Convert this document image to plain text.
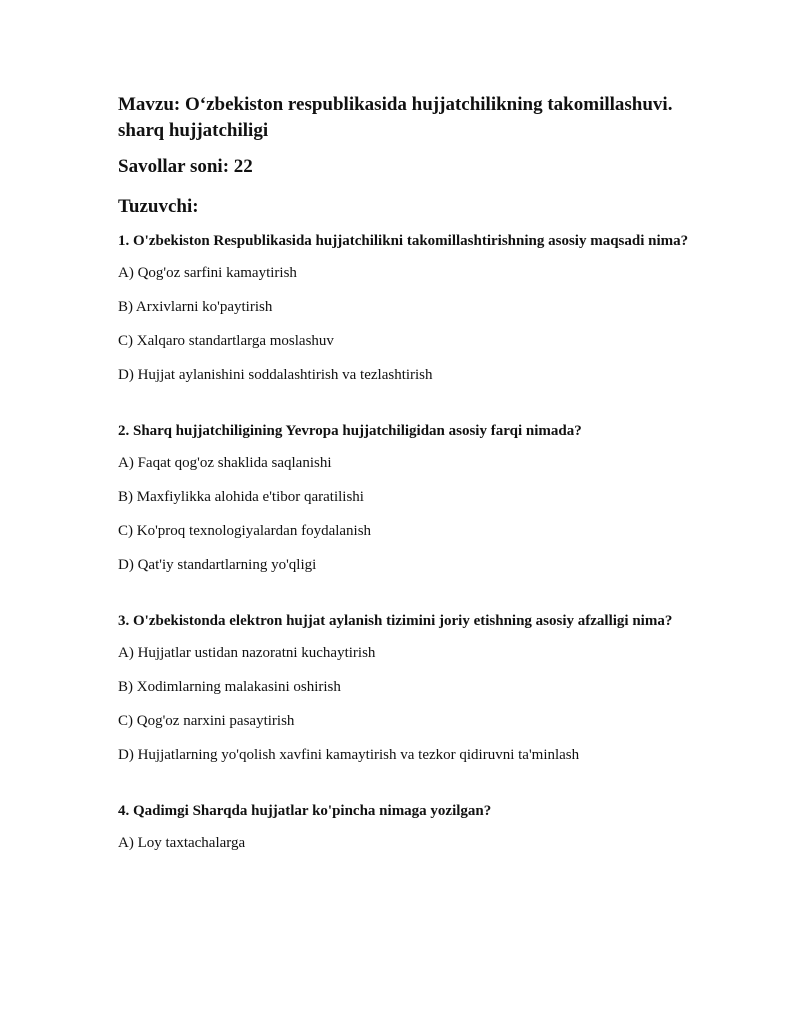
Mavzu: O‘zbekiston respublikasida hujjatchilikning takomillashuvi. sharq hujjatchiligi

Savollar soni: 22

Tuzuvchi:

1. O'zbekiston Respublikasida hujjatchilikni takomillashtirishning asosiy maqsadi nima?

A) Qog'oz sarfini kamaytirish

B) Arxivlarni ko'paytirish

C) Xalqaro standartlarga moslashuv

D) Hujjat aylanishini soddalashtirish va tezlashtirish

2. Sharq hujjatchiligining Yevropa hujjatchiligidan asosiy farqi nimada?

A) Faqat qog'oz shaklida saqlanishi

B) Maxfiylikka alohida e'tibor qaratilishi

C) Ko'proq texnologiyalardan foydalanish

D) Qat'iy standartlarning yo'qligi

3. O'zbekistonda elektron hujjat aylanish tizimini joriy etishning asosiy afzalligi nima?

A) Hujjatlar ustidan nazoratni kuchaytirish

B) Xodimlarning malakasini oshirish

C) Qog'oz narxini pasaytirish

D) Hujjatlarning yo'qolish xavfini kamaytirish va tezkor qidiruvni ta'minlash

4. Qadimgi Sharqda hujjatlar ko'pincha nimaga yozilgan?

A) Loy taxtachalarga
